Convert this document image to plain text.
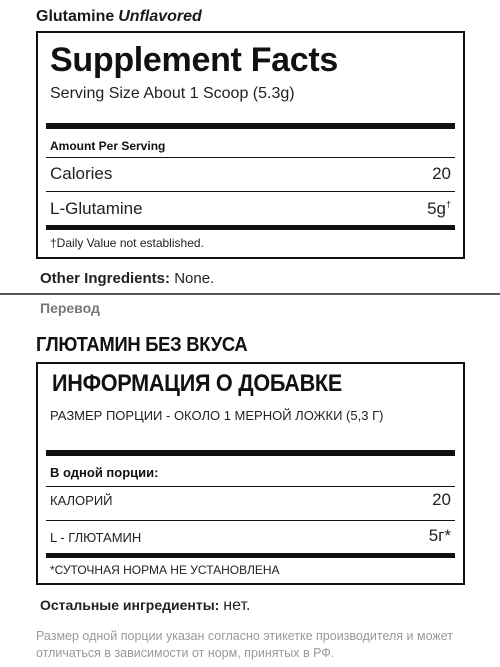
Glutamine Unflavored
Supplement Facts
Serving Size About 1 Scoop (5.3g)
Amount Per Serving
Calories	20
L-Glutamine	5g†
†Daily Value not established.
Other Ingredients: None.
Перевод
ГЛЮТАМИН БЕЗ ВКУСА
ИНФОРМАЦИЯ О ДОБАВКЕ
РАЗМЕР ПОРЦИИ - ОКОЛО 1 МЕРНОЙ ЛОЖКИ (5,3 Г)
В одной порции:
КАЛОРИЙ	20
L - ГЛЮТАМИН	5г*
*СУТОЧНАЯ НОРМА НЕ УСТАНОВЛЕНА
Остальные ингредиенты: нет.
Размер одной порции указан согласно этикетке производителя и может отличаться в зависимости от норм, принятых в РФ.
